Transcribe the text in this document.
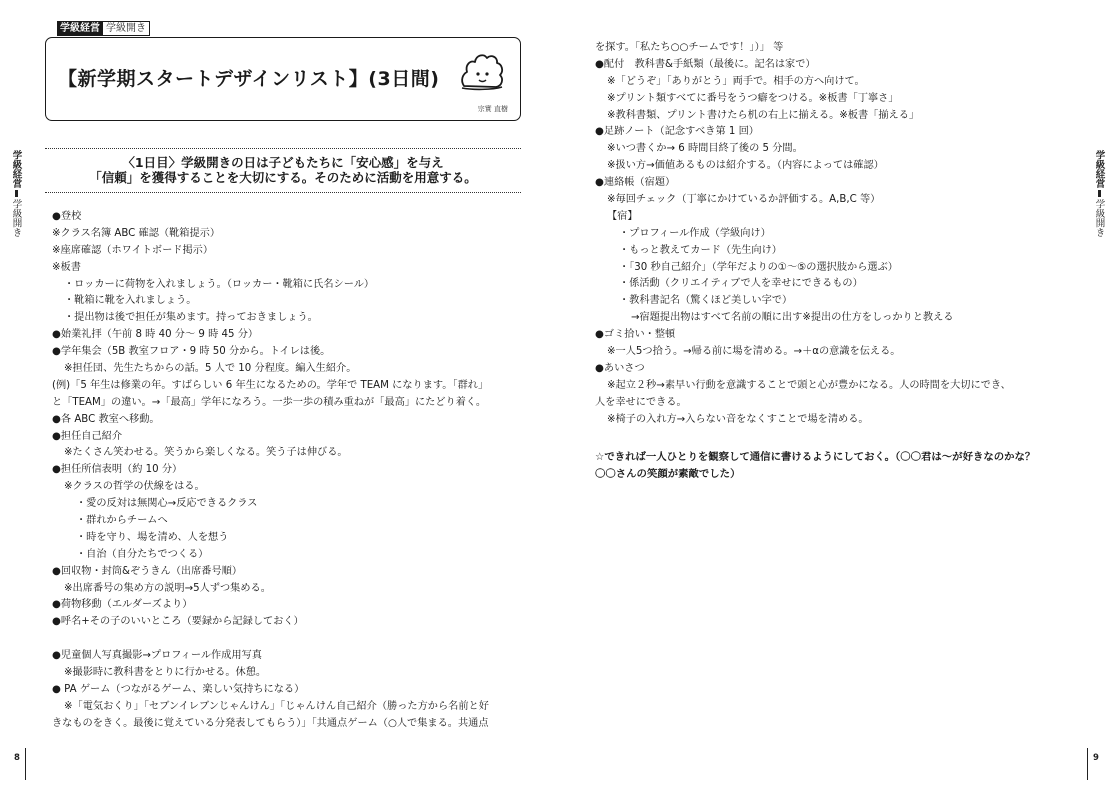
学級経営
学級開き
学級経営
学級開き
8	9
学級経営 学級開き
【新学期スタートデザインリスト】(3日間)
宗實 直樹
〈1日目〉学級開きの日は子どもたちに「安心感」を与え
「信頼」を獲得することを大切にする。そのために活動を用意する。
●登校
※クラス名簿 ABC 確認（靴箱提示）
※座席確認（ホワイトボード掲示）
※板書
・ロッカーに荷物を入れましょう。（ロッカー・靴箱に氏名シール）
・靴箱に靴を入れましょう。
・提出物は後で担任が集めます。持っておきましょう。
●始業礼拝（午前 8 時 40 分～ 9 時 45 分）
●学年集会（5B 教室フロア・9 時 50 分から。トイレは後。
※担任団、先生たちからの話。5 人で 10 分程度。編入生紹介。
(例)「5 年生は修業の年。すばらしい 6 年生になるための。学年で TEAM になります。「群れ」
と「TEAM」の違い。→「最高」学年になろう。一歩一歩の積み重ねが「最高」にたどり着く。
●各 ABC 教室へ移動。
●担任自己紹介
※たくさん笑わせる。笑うから楽しくなる。笑う子は伸びる。
●担任所信表明（約 10 分）
※クラスの哲学の伏線をはる。
・愛の反対は無関心→反応できるクラス
・群れからチームへ
・時を守り、場を清め、人を想う
・自治（自分たちでつくる）
●回収物・封筒&ぞうきん（出席番号順）
※出席番号の集め方の説明→5人ずつ集める。
●荷物移動（エルダーズより）
●呼名+その子のいいところ（要録から記録しておく）
●児童個人写真撮影→プロフィール作成用写真
※撮影時に教科書をとりに行かせる。休憩。
● PA ゲーム（つながるゲーム、楽しい気持ちになる）
※「電気おくり」「セブンイレブンじゃんけん」「じゃんけん自己紹介（勝った方から名前と好
きなものをきく。最後に覚えている分発表してもらう）」「共通点ゲーム（○人で集まる。共通点
を探す。「私たち○○チームです！」）」 等
●配付　教科書&手紙類（最後に。記名は家で）
※「どうぞ」「ありがとう」両手で。相手の方へ向けて。
※プリント類すべてに番号をうつ癖をつける。※板書「丁寧さ」
※教科書類、プリント書けたら机の右上に揃える。※板書「揃える」
●足跡ノート（記念すべき第 1 回）
※いつ書くか→ 6 時間目終了後の 5 分間。
※扱い方→価値あるものは紹介する。（内容によっては確認）
●連絡帳（宿題）
※毎回チェック（丁寧にかけているか評価する。A,B,C 等）
【宿】
・プロフィール作成（学級向け）
・もっと教えてカード（先生向け）
・「30 秒自己紹介」（学年だよりの①～⑤の選択肢から選ぶ）
・係活動（クリエイティブで人を幸せにできるもの）
・教科書記名（驚くほど美しい字で）
→宿題提出物はすべて名前の順に出す※提出の仕方をしっかりと教える
●ゴミ拾い・整頓
※一人5つ拾う。→帰る前に場を清める。→＋αの意識を伝える。
●あいさつ
※起立２秒→素早い行動を意識することで頭と心が豊かになる。人の時間を大切にでき、
人を幸せにできる。
※椅子の入れ方→入らない音をなくすことで場を清める。
☆できれば一人ひとりを観察して通信に書けるようにしておく。（〇〇君は～が好きなのかな？
〇〇さんの笑顔が素敵でした）
